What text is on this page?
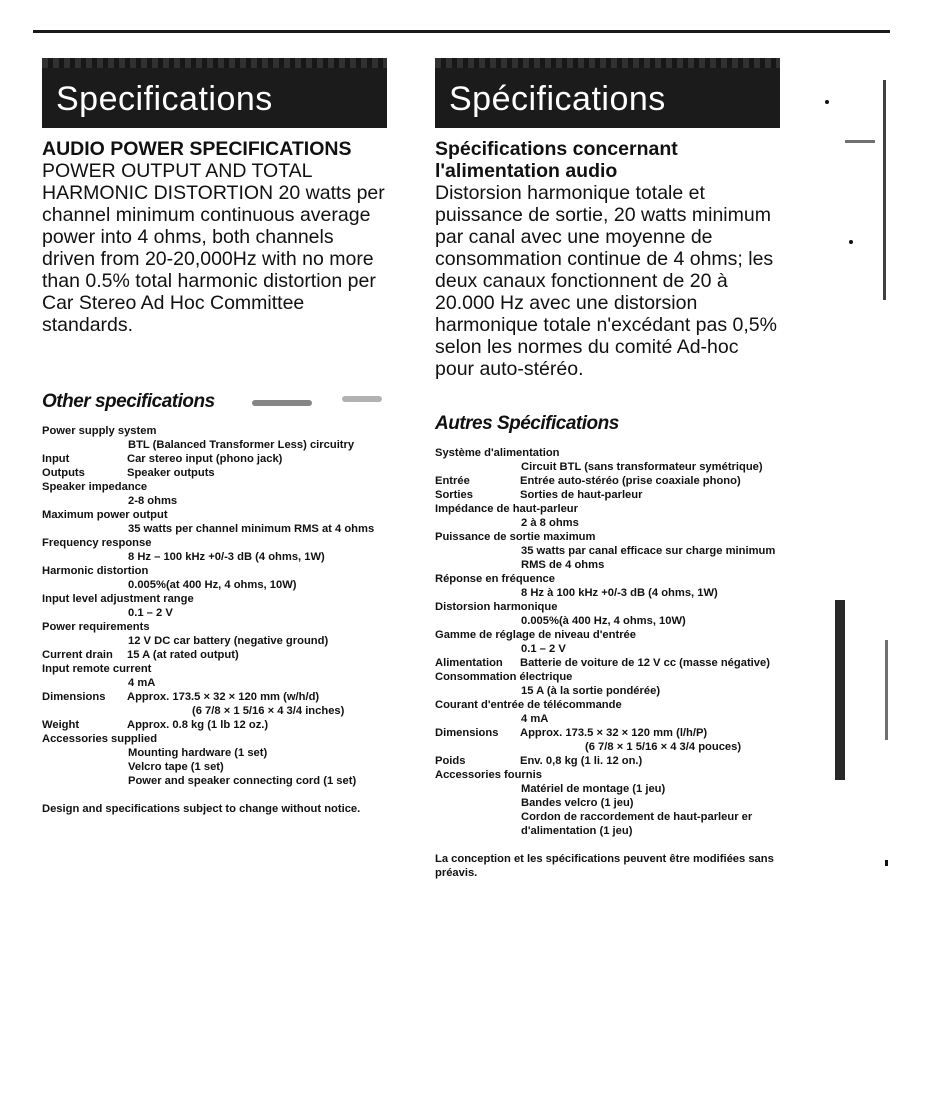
Specifications
AUDIO POWER SPECIFICATIONS
POWER OUTPUT AND TOTAL HARMONIC DISTORTION 20 watts per channel minimum continuous average power into 4 ohms, both channels driven from 20-20,000Hz with no more than 0.5% total harmonic distortion per Car Stereo Ad Hoc Committee standards.
Other specifications
Power supply system
BTL (Balanced Transformer Less) circuitry
Input	Car stereo input (phono jack)
Outputs	Speaker outputs
Speaker impedance
2-8 ohms
Maximum power output
35 watts per channel minimum RMS at 4 ohms
Frequency response
8 Hz – 100 kHz +0/-3 dB (4 ohms, 1W)
Harmonic distortion
0.005%(at 400 Hz, 4 ohms, 10W)
Input level adjustment range
0.1 – 2 V
Power requirements
12 V DC car battery (negative ground)
Current drain 15 A (at rated output)
Input remote current
4 mA
Dimensions Approx. 173.5 × 32 × 120 mm (w/h/d)
(6 7/8 × 1 5/16 × 4 3/4 inches)
Weight	Approx. 0.8 kg (1 lb 12 oz.)
Accessories supplied
Mounting hardware (1 set)
Velcro tape (1 set)
Power and speaker connecting cord (1 set)
Design and specifications subject to change without notice.
Spécifications
Spécifications concernant l'alimentation audio
Distorsion harmonique totale et puissance de sortie, 20 watts minimum par canal avec une moyenne de consommation continue de 4 ohms; les deux canaux fonctionnent de 20 à 20.000 Hz avec une distorsion harmonique totale n'excédant pas 0,5% selon les normes du comité Ad-hoc pour auto-stéréo.
Autres Spécifications
Système d'alimentation
Circuit BTL (sans transformateur symétrique)
Entrée	Entrée auto-stéréo (prise coaxiale phono)
Sorties	Sorties de haut-parleur
Impédance de haut-parleur
2 à 8 ohms
Puissance de sortie maximum
35 watts par canal efficace sur charge minimum RMS de 4 ohms
Réponse en fréquence
8 Hz à 100 kHz +0/-3 dB (4 ohms, 1W)
Distorsion harmonique
0.005%(à 400 Hz, 4 ohms, 10W)
Gamme de réglage de niveau d'entrée
0.1 – 2 V
Alimentation Batterie de voiture de 12 V cc (masse négative)
Consommation électrique
15 A (à la sortie pondérée)
Courant d'entrée de télécommande
4 mA
Dimensions Approx. 173.5 × 32 × 120 mm (l/h/P)
(6 7/8 × 1 5/16 × 4 3/4 pouces)
Poids	Env. 0,8 kg (1 li. 12 on.)
Accessories fournis
Matériel de montage (1 jeu)
Bandes velcro (1 jeu)
Cordon de raccordement de haut-parleur er d'alimentation (1 jeu)
La conception et les spécifications peuvent être modifiées sans préavis.
